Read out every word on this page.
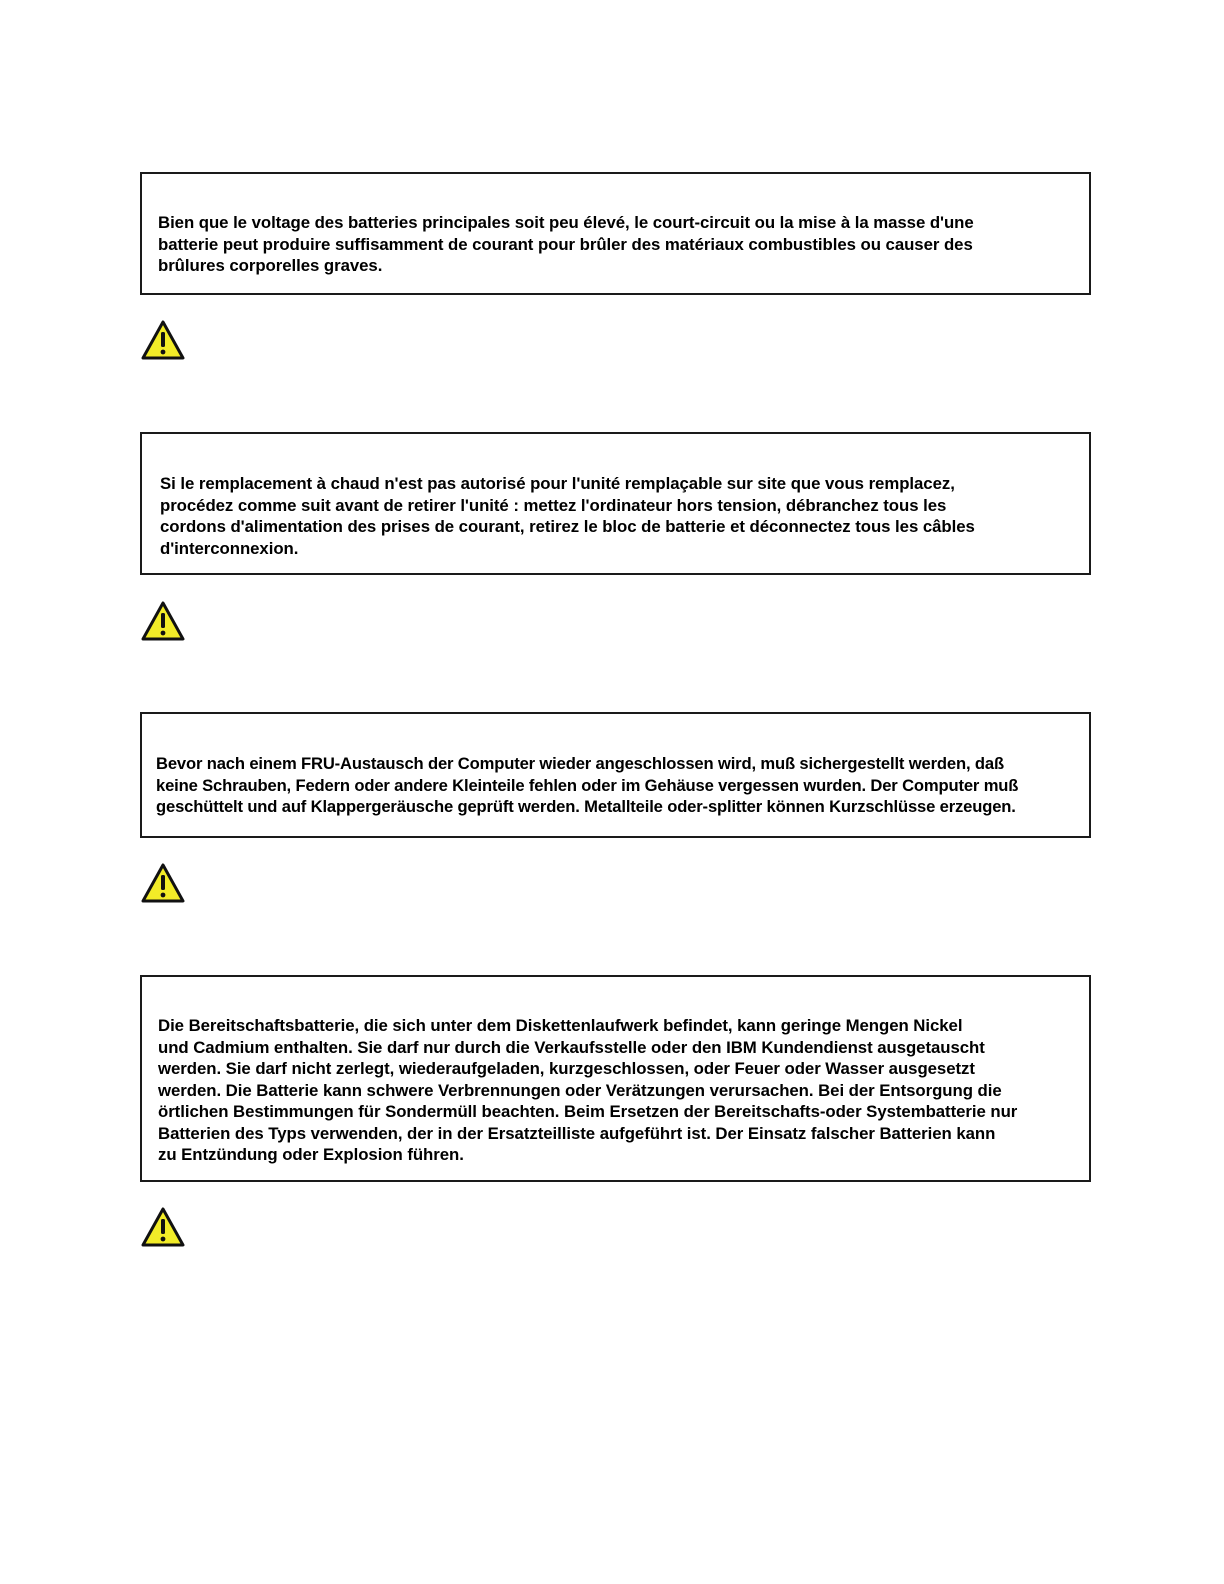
Bien que le voltage des batteries principales soit peu élevé, le court-circuit ou la mise à la masse d'une
batterie peut produire suffisamment de courant pour brûler des matériaux combustibles ou causer des
brûlures corporelles graves.

Si le remplacement à chaud n'est pas autorisé pour l'unité remplaçable sur site que vous remplacez,
procédez comme suit avant de retirer l'unité : mettez l'ordinateur hors tension, débranchez tous les
cordons d'alimentation des prises de courant, retirez le bloc de batterie et déconnectez tous les câbles
d'interconnexion.

Bevor nach einem FRU-Austausch der Computer wieder angeschlossen wird, muß sichergestellt werden, daß
keine Schrauben, Federn oder andere Kleinteile fehlen oder im Gehäuse vergessen wurden. Der Computer muß
geschüttelt und auf Klappergeräusche geprüft werden. Metallteile oder-splitter können Kurzschlüsse erzeugen.

Die Bereitschaftsbatterie, die sich unter dem Diskettenlaufwerk befindet, kann geringe Mengen Nickel
und Cadmium enthalten. Sie darf nur durch die Verkaufsstelle oder den IBM Kundendienst ausgetauscht
werden. Sie darf nicht zerlegt, wiederaufgeladen, kurzgeschlossen, oder Feuer oder Wasser ausgesetzt
werden. Die Batterie kann schwere Verbrennungen oder Verätzungen verursachen. Bei der Entsorgung die
örtlichen Bestimmungen für Sondermüll beachten. Beim Ersetzen der Bereitschafts-oder Systembatterie nur
Batterien des Typs verwenden, der in der Ersatzteilliste aufgeführt ist. Der Einsatz falscher Batterien kann
zu Entzündung oder Explosion führen.
